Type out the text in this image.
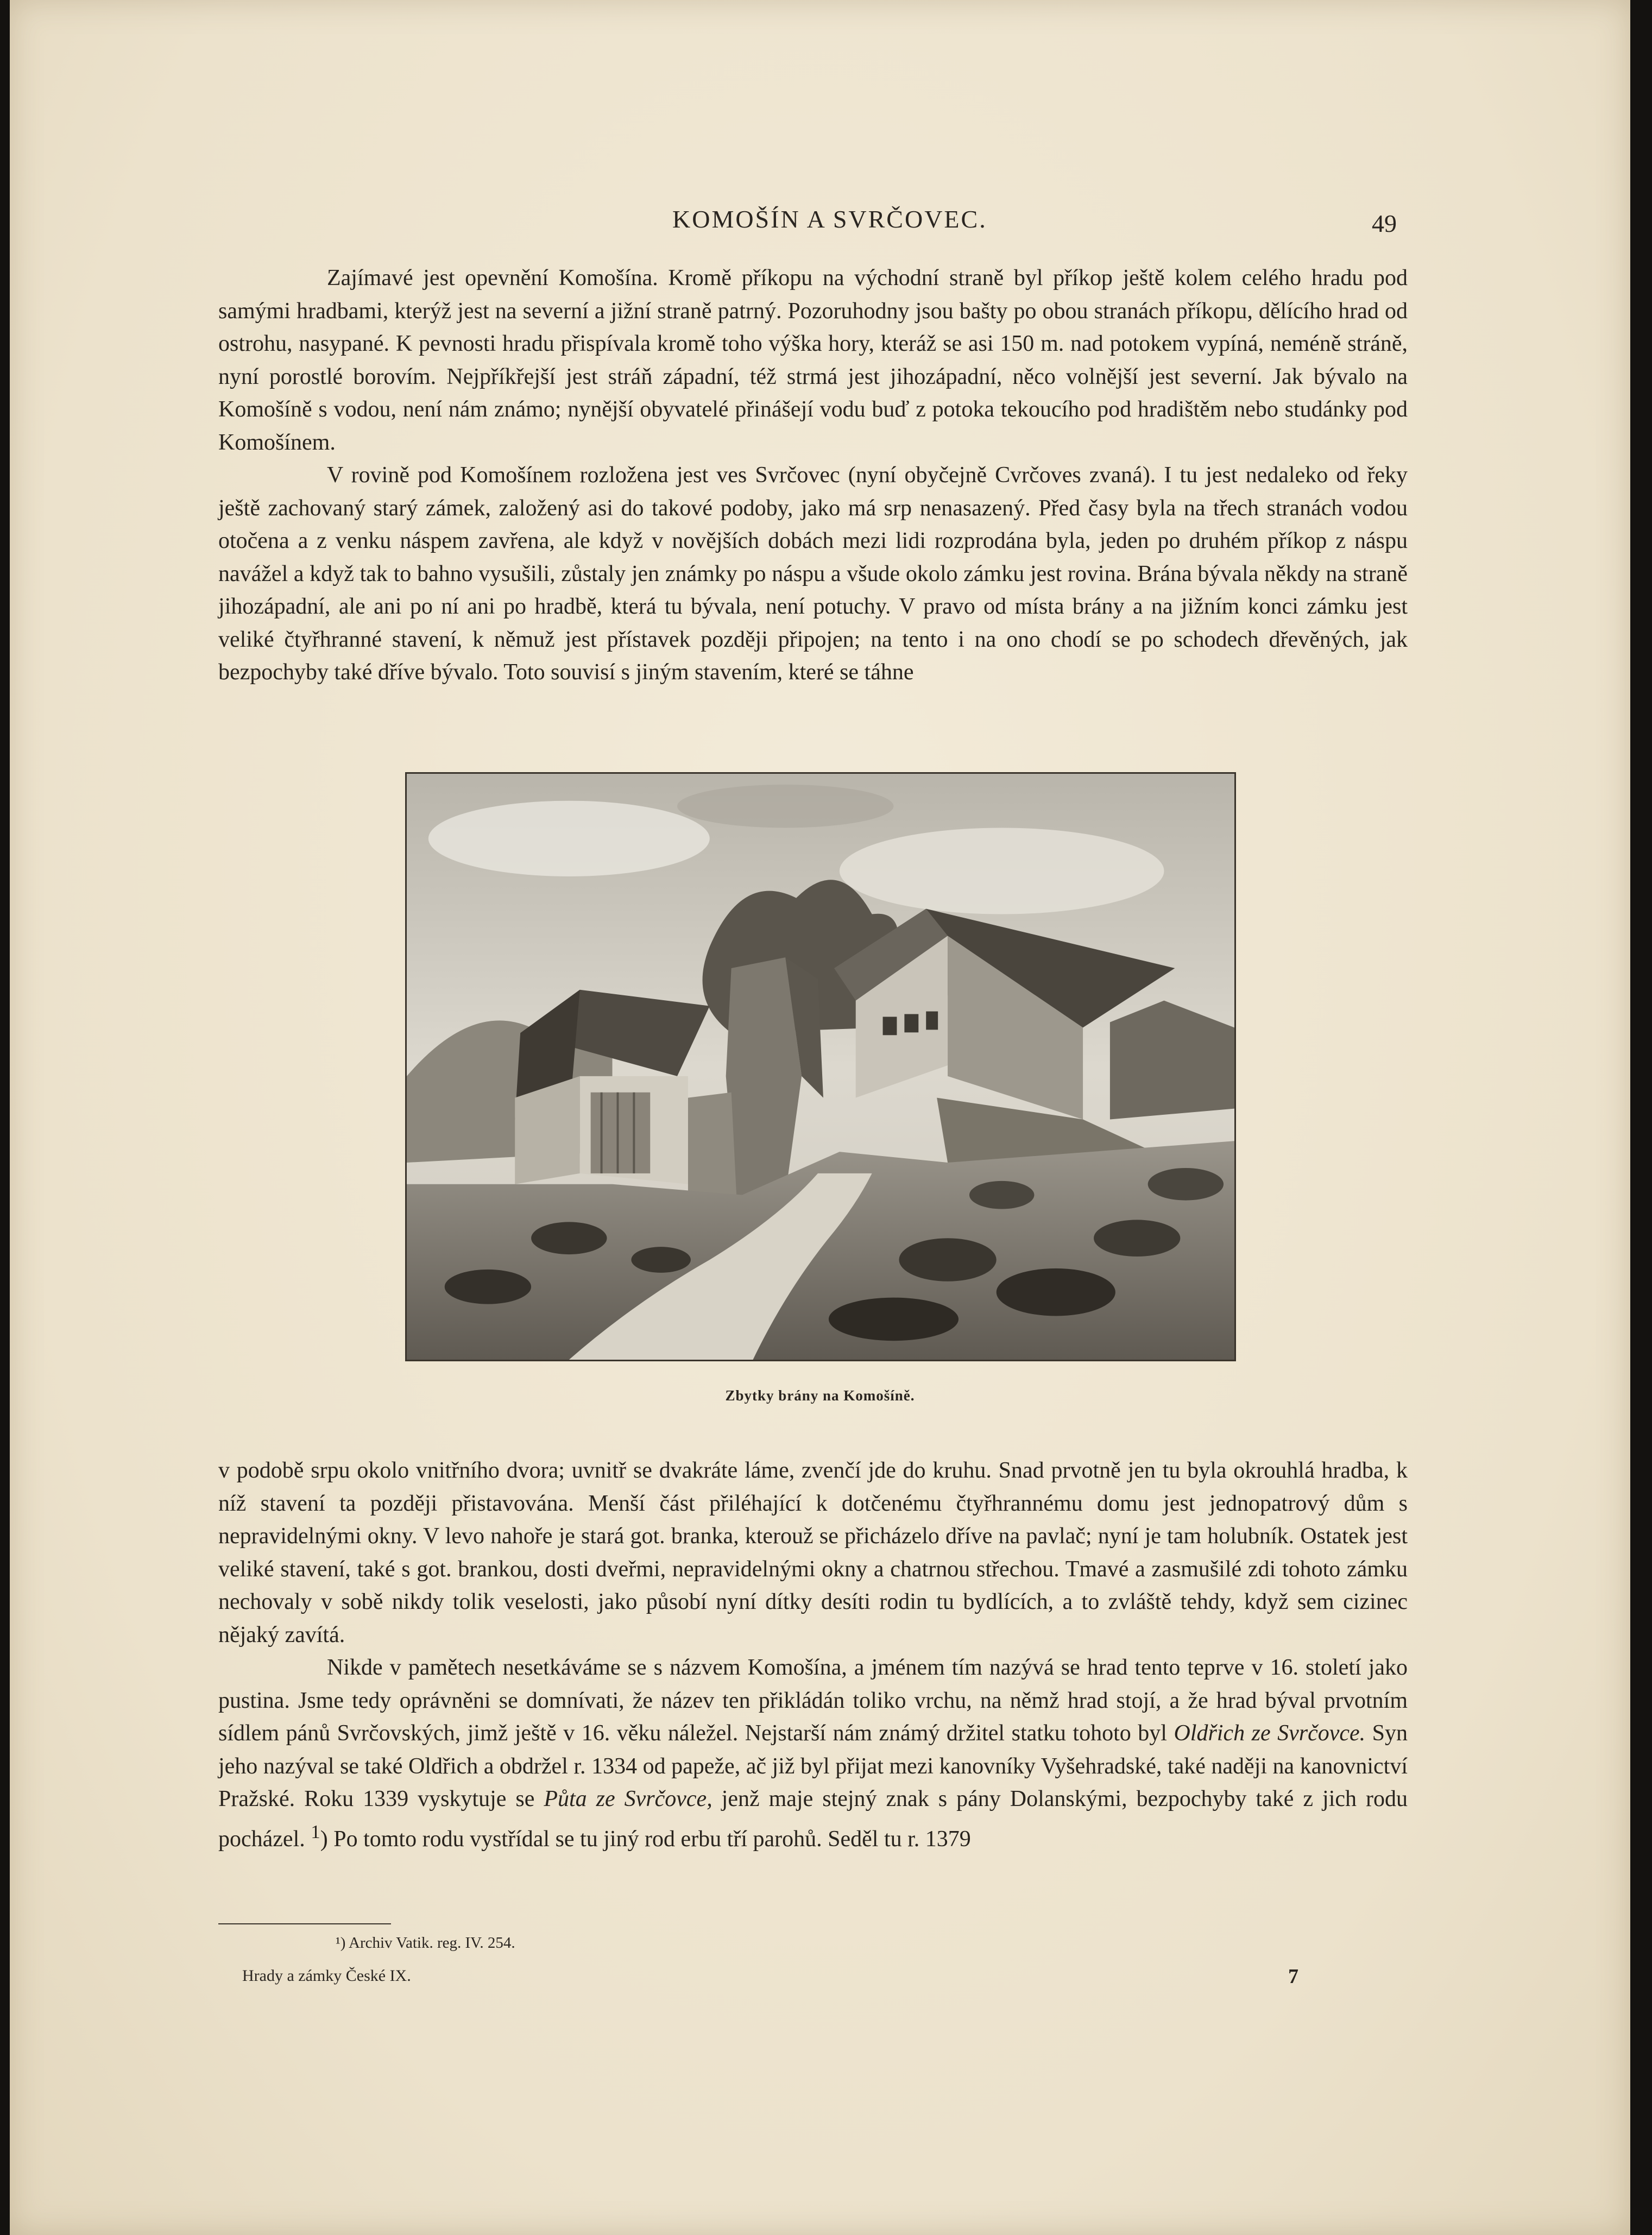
KOMOŠÍN A SVRČOVEC.	49

Zajímavé jest opevnění Komošína. Kromě příkopu na východní straně byl příkop ještě kolem celého hradu pod samými hradbami, kterýž jest na severní a jižní straně patrný. Pozoruhodny jsou bašty po obou stranách příkopu, dělícího hrad od ostrohu, nasypané. K pevnosti hradu přispívala kromě toho výška hory, kteráž se asi 150 m. nad potokem vypíná, neméně stráně, nyní porostlé borovím. Nejpříkřejší jest stráň západní, též strmá jest jihozápadní, něco volnější jest severní. Jak bývalo na Komošíně s vodou, není nám známo; nynější obyvatelé přinášejí vodu buď z potoka tekoucího pod hradištěm nebo studánky pod Komošínem.

V rovině pod Komošínem rozložena jest ves Svrčovec (nyní obyčejně Cvrčoves zvaná). I tu jest nedaleko od řeky ještě zachovaný starý zámek, založený asi do takové podoby, jako má srp nenasazený. Před časy byla na třech stranách vodou otočena a z venku náspem zavřena, ale když v novějších dobách mezi lidi rozprodána byla, jeden po druhém příkop z náspu navážel a když tak to bahno vysušili, zůstaly jen známky po náspu a všude okolo zámku jest rovina. Brána bývala někdy na straně jihozápadní, ale ani po ní ani po hradbě, která tu bývala, není potuchy. V pravo od místa brány a na jižním konci zámku jest veliké čtyřhranné stavení, k němuž jest přístavek později připojen; na tento i na ono chodí se po schodech dřevěných, jak bezpochyby také dříve bývalo. Toto souvisí s jiným stavením, které se táhne

Zbytky brány na Komošíně.

v podobě srpu okolo vnitřního dvora; uvnitř se dvakráte láme, zvenčí jde do kruhu. Snad prvotně jen tu byla okrouhlá hradba, k níž stavení ta později přistavována. Menší část přiléhající k dotčenému čtyřhrannému domu jest jednopatrový dům s nepravidelnými okny. V levo nahoře je stará got. branka, kterouž se přicházelo dříve na pavlač; nyní je tam holubník. Ostatek jest veliké stavení, také s got. brankou, dosti dveřmi, nepravidelnými okny a chatrnou střechou. Tmavé a zasmušilé zdi tohoto zámku nechovaly v sobě nikdy tolik veselosti, jako působí nyní dítky desíti rodin tu bydlících, a to zvláště tehdy, když sem cizinec nějaký zavítá.

Nikde v pamětech nesetkáváme se s názvem Komošína, a jménem tím nazývá se hrad tento teprve v 16. století jako pustina. Jsme tedy oprávněni se domnívati, že název ten přikládán toliko vrchu, na němž hrad stojí, a že hrad býval prvotním sídlem pánů Svrčovských, jimž ještě v 16. věku náležel. Nejstarší nám známý držitel statku tohoto byl Oldřich ze Svrčovce. Syn jeho nazýval se také Oldřich a obdržel r. 1334 od papeže, ač již byl přijat mezi kanovníky Vyšehradské, také naději na kanovnictví Pražské. Roku 1339 vyskytuje se Půta ze Svrčovce, jenž maje stejný znak s pány Dolanskými, bezpochyby také z jich rodu pocházel. $^1$) Po tomto rodu vystřídal se tu jiný rod erbu tří parohů. Seděl tu r. 1379

¹) Archiv Vatik. reg. IV. 254.
Hrady a zámky České IX.	7
